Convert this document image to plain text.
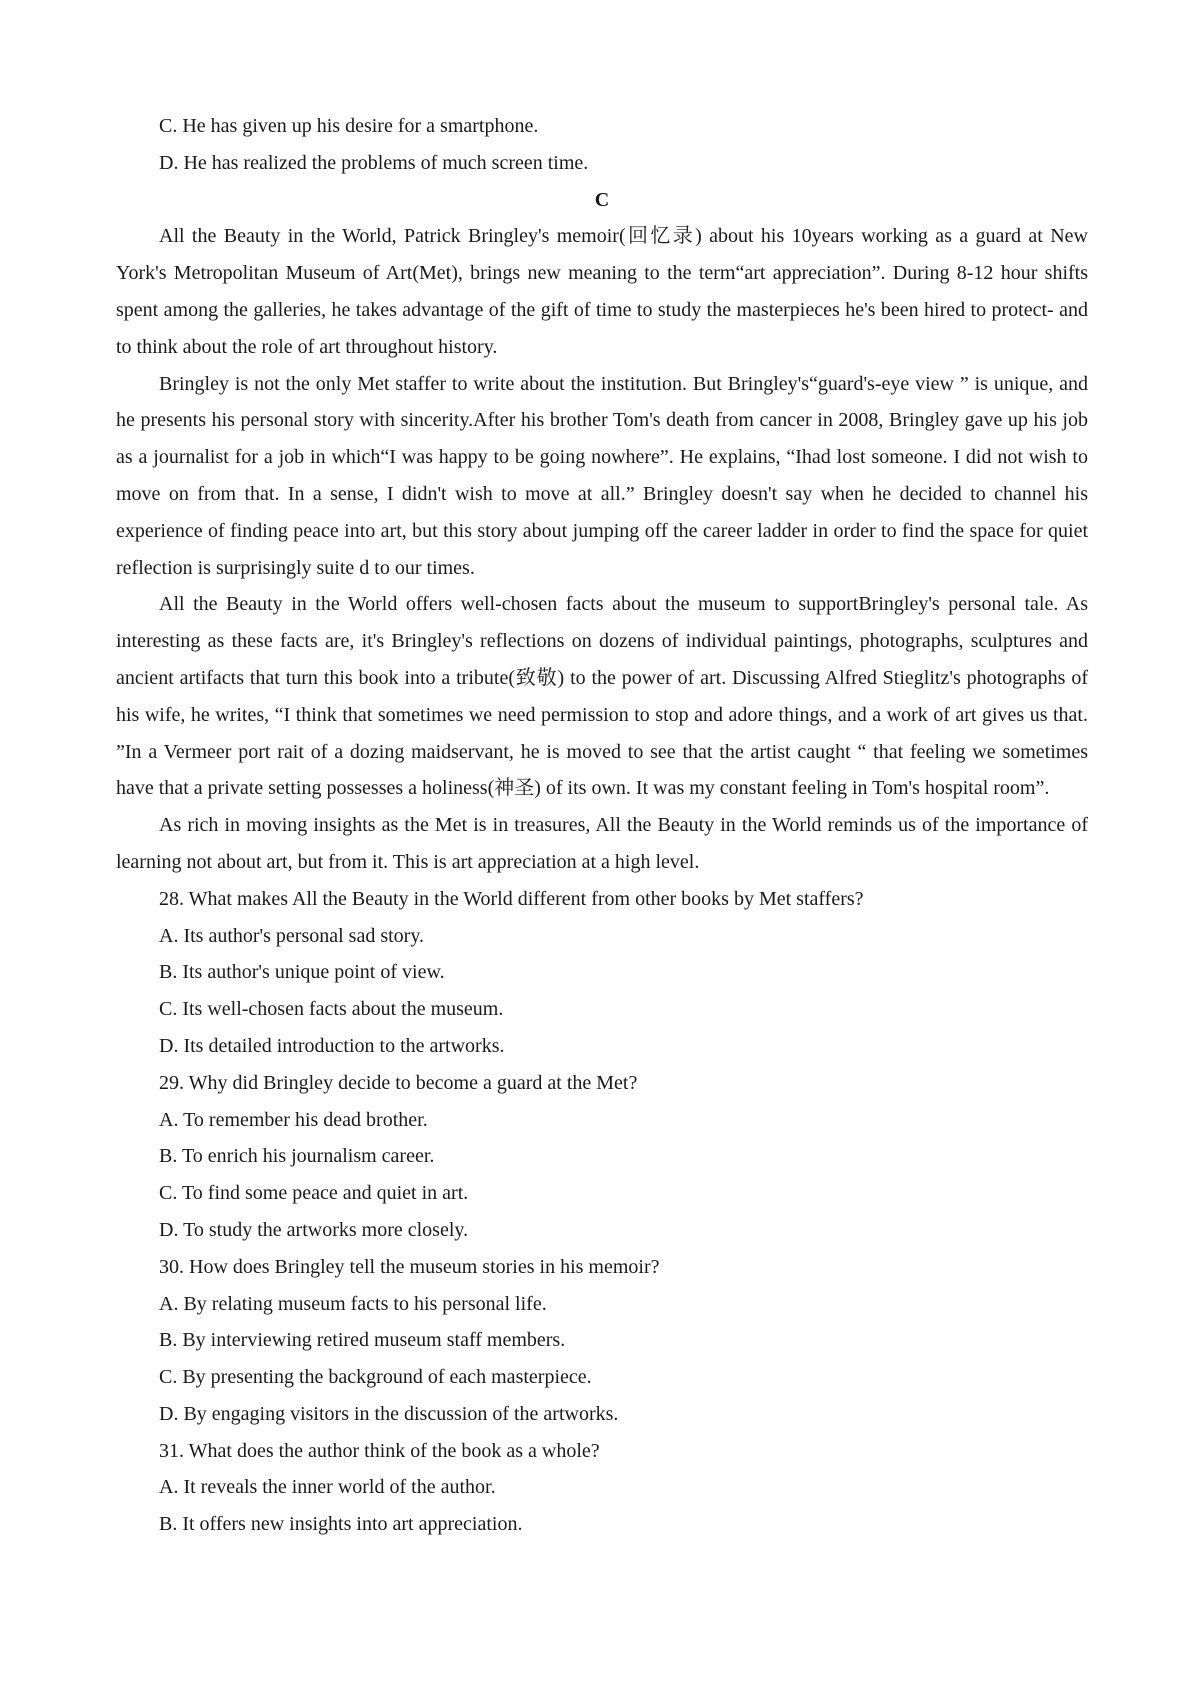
C. He has given up his desire for a smartphone.

D. He has realized the problems of much screen time.

C

All the Beauty in the World, Patrick Bringley's memoir(回忆录) about his 10years working as a guard at New York's Metropolitan Museum of Art(Met), brings new meaning to the term“art appreciation”. During 8-12 hour shifts spent among the galleries, he takes advantage of the gift of time to study the masterpieces he's been hired to protect- and to think about the role of art throughout history.

Bringley is not the only Met staffer to write about the institution. But Bringley's“guard's-eye view ” is unique, and he presents his personal story with sincerity.After his brother Tom's death from cancer in 2008, Bringley gave up his job as a journalist for a job in which“I was happy to be going nowhere”. He explains, “Ihad lost someone. I did not wish to move on from that. In a sense, I didn't wish to move at all.” Bringley doesn't say when he decided to channel his experience of finding peace into art, but this story about jumping off the career ladder in order to find the space for quiet reflection is surprisingly suite d to our times.

All the Beauty in the World offers well-chosen facts about the museum to supportBringley's personal tale. As interesting as these facts are, it's Bringley's reflections on dozens of individual paintings, photographs, sculptures and ancient artifacts that turn this book into a tribute(致敬) to the power of art. Discussing Alfred Stieglitz's photographs of his wife, he writes, “I think that sometimes we need permission to stop and adore things, and a work of art gives us that. ”In a Vermeer port rait of a dozing maidservant, he is moved to see that the artist caught “ that feeling we sometimes have that a private setting possesses a holiness(神圣) of its own. It was my constant feeling in Tom's hospital room”.

As rich in moving insights as the Met is in treasures, All the Beauty in the World reminds us of the importance of learning not about art, but from it. This is art appreciation at a high level.

28. What makes All the Beauty in the World different from other books by Met staffers?

A. Its author's personal sad story.

B. Its author's unique point of view.

C. Its well-chosen facts about the museum.

D. Its detailed introduction to the artworks.

29. Why did Bringley decide to become a guard at the Met?

A. To remember his dead brother.

B. To enrich his journalism career.

C. To find some peace and quiet in art.

D. To study the artworks more closely.

30. How does Bringley tell the museum stories in his memoir?

A. By relating museum facts to his personal life.

B. By interviewing retired museum staff members.

C. By presenting the background of each masterpiece.

D. By engaging visitors in the discussion of the artworks.

31. What does the author think of the book as a whole?

A. It reveals the inner world of the author.

B. It offers new insights into art appreciation.
